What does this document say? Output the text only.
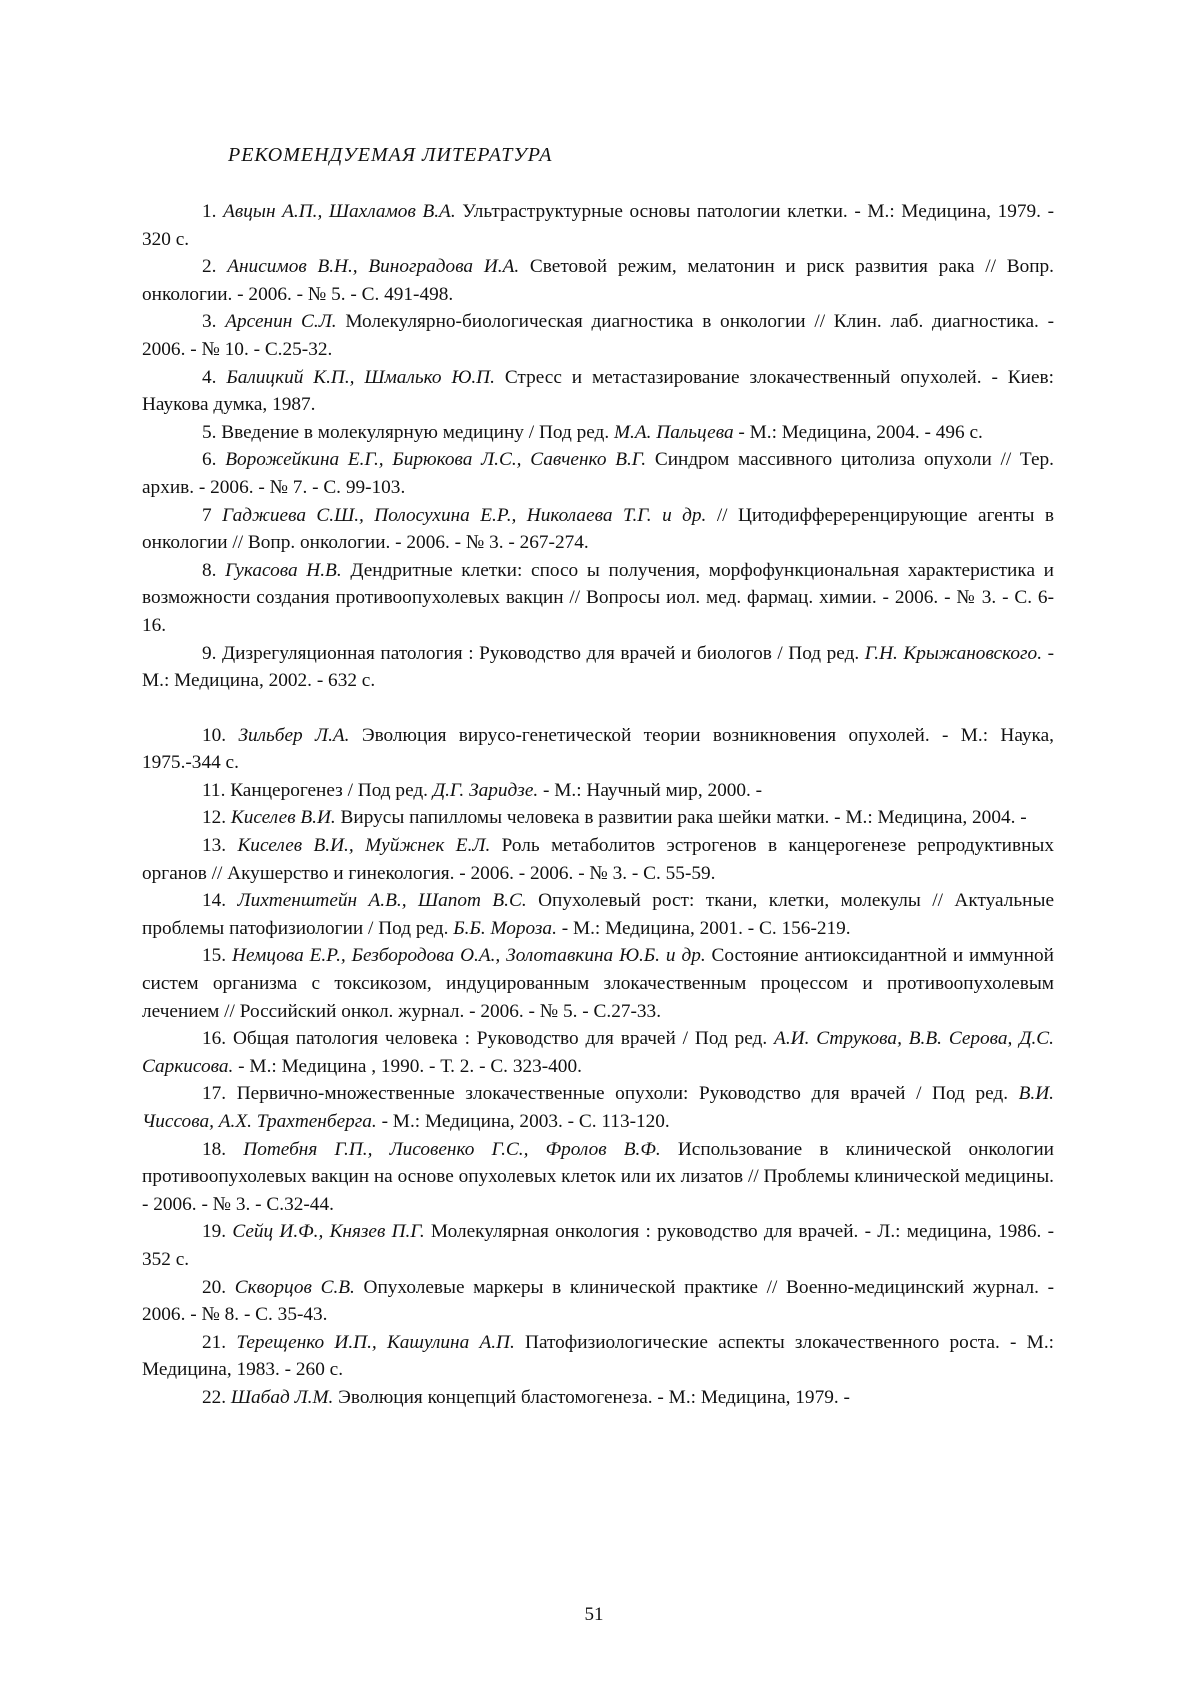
РЕКОМЕНДУЕМАЯ ЛИТЕРАТУРА

1. Авцын А.П., Шахламов В.А. Ультраструктурные основы патологии клетки. - М.: Медицина, 1979. - 320 с.

2. Анисимов В.Н., Виноградова И.А. Световой режим, мелатонин и риск развития рака // Вопр. онкологии. - 2006. - № 5. - С. 491-498.

3. Арсенин С.Л. Молекулярно-биологическая диагностика в онкологии // Клин. лаб. диагностика. - 2006. - № 10. - С.25-32.

4. Балицкий К.П., Шмалько Ю.П. Стресс и метастазирование злокачественный опухолей. - Киев: Наукова думка, 1987.

5. Введение в молекулярную медицину / Под ред. М.А. Пальцева - М.: Медицина, 2004. - 496 с.

6. Ворожейкина Е.Г., Бирюкова Л.С., Савченко В.Г. Синдром массивного цитолиза опухоли // Тер. архив. - 2006. - № 7. - С. 99-103.

7 Гаджиева С.Ш., Полосухина Е.Р., Николаева Т.Г. и др. // Цитодиффереренцирующие агенты в онкологии // Вопр. онкологии. - 2006. - № 3. - 267-274.

8. Гукасова Н.В. Дендритные клетки: спосо ы получения, морфофункциональная характеристика и возможности создания противоопухолевых вакцин // Вопросы иол. мед. фармац. химии. - 2006. - № 3. - С. 6-16.

9. Дизрегуляционная патология : Руководство для врачей и биологов / Под ред. Г.Н. Крыжановского. - М.: Медицина, 2002. - 632 с.

10. Зильбер Л.А. Эволюция вирусо-генетической теории возникновения опухолей. - М.: Наука, 1975.-344 с.

11. Канцерогенез / Под ред. Д.Г. Заридзе. - М.: Научный мир, 2000. -

12. Киселев В.И. Вирусы папилломы человека в развитии рака шейки матки. - М.: Медицина, 2004. -

13. Киселев В.И., Муйжнек Е.Л. Роль метаболитов эстрогенов в канцерогенезе репродуктивных органов // Акушерство и гинекология. - 2006. - 2006. - № 3. - С. 55-59.

14. Лихтенштейн А.В., Шапот В.С. Опухолевый рост: ткани, клетки, молекулы // Актуальные проблемы патофизиологии / Под ред. Б.Б. Мороза. - М.: Медицина, 2001. - С. 156-219.

15. Немцова Е.Р., Безбородова О.А., Золотавкина Ю.Б. и др. Состояние антиоксидантной и иммунной систем организма с токсикозом, индуцированным злокачественным процессом и противоопухолевым лечением // Российский онкол. журнал. - 2006. - № 5. - С.27-33.

16. Общая патология человека : Руководство для врачей / Под ред. А.И. Струкова, В.В. Серова, Д.С. Саркисова. - М.: Медицина , 1990. - Т. 2. - С. 323-400.

17. Первично-множественные злокачественные опухоли: Руководство для врачей / Под ред. В.И. Чиссова, А.Х. Трахтенберга. - М.: Медицина, 2003. - С. 113-120.

18. Потебня Г.П., Лисовенко Г.С., Фролов В.Ф. Использование в клинической онкологии противоопухолевых вакцин на основе опухолевых клеток или их лизатов // Проблемы клинической медицины. - 2006. - № 3. - С.32-44.

19. Сейц И.Ф., Князев П.Г. Молекулярная онкология : руководство для врачей. - Л.: медицина, 1986. - 352 с.

20. Скворцов С.В. Опухолевые маркеры в клинической практике // Военно-медицинский журнал. - 2006. - № 8. - С. 35-43.

21. Терещенко И.П., Кашулина А.П. Патофизиологические аспекты злокачественного роста. - М.: Медицина, 1983. - 260 с.

22. Шабад Л.М. Эволюция концепций бластомогенеза. - М.: Медицина, 1979. -

51
